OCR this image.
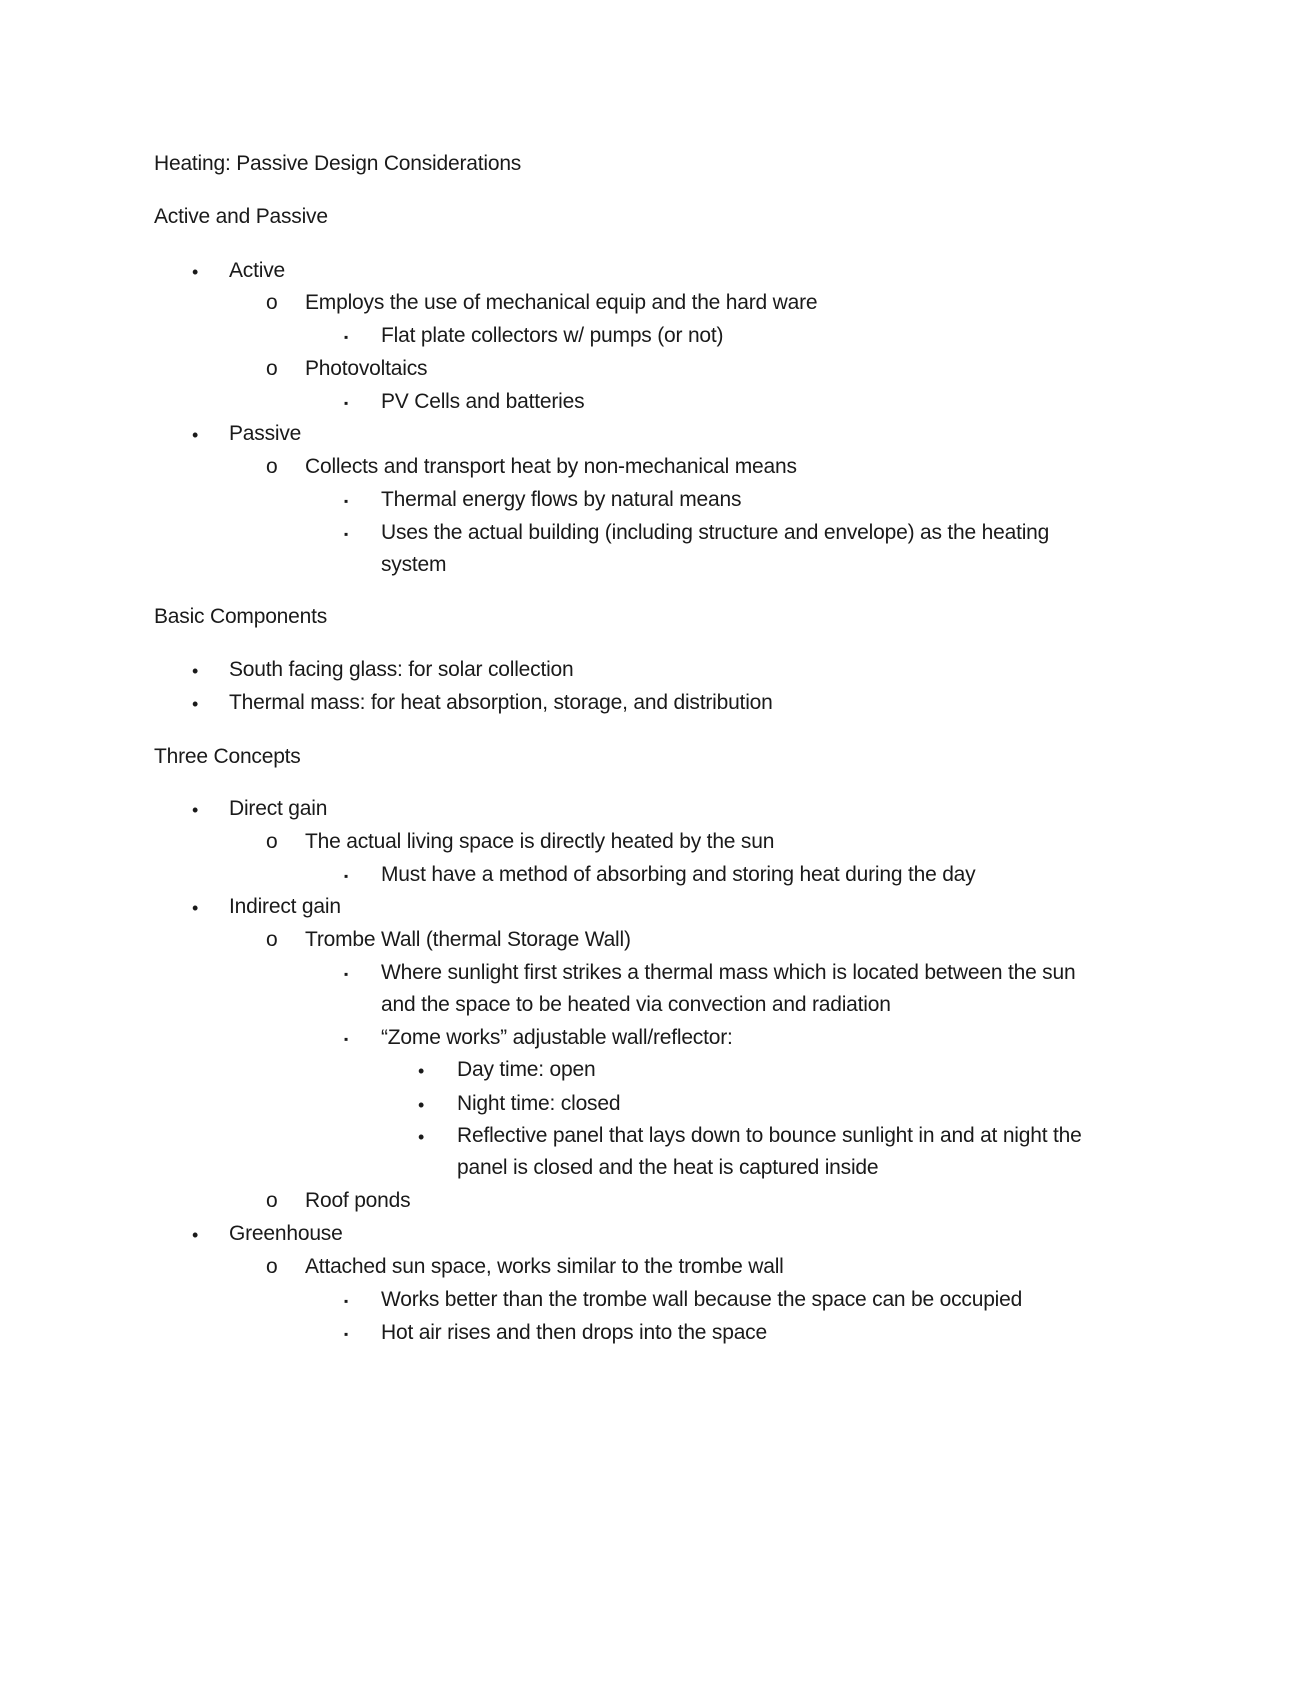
Heating: Passive Design Considerations
Active and Passive
• Active
o Employs the use of mechanical equip and the hard ware
▪ Flat plate collectors w/ pumps (or not)
o Photovoltaics
▪ PV Cells and batteries
• Passive
o Collects and transport heat by non-mechanical means
▪ Thermal energy flows by natural means
▪ Uses the actual building (including structure and envelope) as the heating
system
Basic Components
• South facing glass: for solar collection
• Thermal mass: for heat absorption, storage, and distribution
Three Concepts
• Direct gain
o The actual living space is directly heated by the sun
▪ Must have a method of absorbing and storing heat during the day
• Indirect gain
o Trombe Wall (thermal Storage Wall)
▪ Where sunlight first strikes a thermal mass which is located between the sun
and the space to be heated via convection and radiation
▪ “Zome works” adjustable wall/reflector:
• Day time: open
• Night time: closed
• Reflective panel that lays down to bounce sunlight in and at night the
panel is closed and the heat is captured inside
o Roof ponds
• Greenhouse
o Attached sun space, works similar to the trombe wall
▪ Works better than the trombe wall because the space can be occupied
▪ Hot air rises and then drops into the space
